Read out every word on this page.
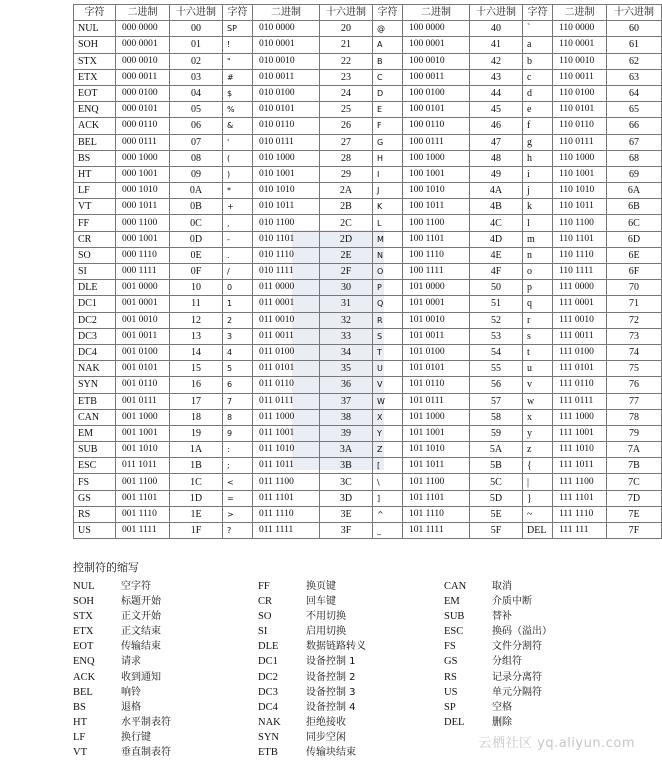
字符	二进制	十六进制	字符	二进制	十六进制	字符	二进制	十六进制	字符	二进制	十六进制
NUL	000 0000	00	SP	010 0000	20	@	100 0000	40	`	110 0000	60
SOH	000 0001	01	!	010 0001	21	A	100 0001	41	a	110 0001	61
STX	000 0010	02	"	010 0010	22	B	100 0010	42	b	110 0010	62
ETX	000 0011	03	#	010 0011	23	C	100 0011	43	c	110 0011	63
EOT	000 0100	04	$	010 0100	24	D	100 0100	44	d	110 0100	64
ENQ	000 0101	05	%	010 0101	25	E	100 0101	45	e	110 0101	65
ACK	000 0110	06	&	010 0110	26	F	100 0110	46	f	110 0110	66
BEL	000 0111	07	'	010 0111	27	G	100 0111	47	g	110 0111	67
BS	000 1000	08	(	010 1000	28	H	100 1000	48	h	110 1000	68
HT	000 1001	09	)	010 1001	29	I	100 1001	49	i	110 1001	69
LF	000 1010	0A	*	010 1010	2A	J	100 1010	4A	j	110 1010	6A
VT	000 1011	0B	+	010 1011	2B	K	100 1011	4B	k	110 1011	6B
FF	000 1100	0C	,	010 1100	2C	L	100 1100	4C	l	110 1100	6C
CR	000 1001	0D	-	010 1101	2D	M	100 1101	4D	m	110 1101	6D
SO	000 1110	0E	.	010 1110	2E	N	100 1110	4E	n	110 1110	6E
SI	000 1111	0F	/	010 1111	2F	O	100 1111	4F	o	110 1111	6F
DLE	001 0000	10	0	011 0000	30	P	101 0000	50	p	111 0000	70
DC1	001 0001	11	1	011 0001	31	Q	101 0001	51	q	111 0001	71
DC2	001 0010	12	2	011 0010	32	R	101 0010	52	r	111 0010	72
DC3	001 0011	13	3	011 0011	33	S	101 0011	53	s	111 0011	73
DC4	001 0100	14	4	011 0100	34	T	101 0100	54	t	111 0100	74
NAK	001 0101	15	5	011 0101	35	U	101 0101	55	u	111 0101	75
SYN	001 0110	16	6	011 0110	36	V	101 0110	56	v	111 0110	76
ETB	001 0111	17	7	011 0111	37	W	101 0111	57	w	111 0111	77
CAN	001 1000	18	8	011 1000	38	X	101 1000	58	x	111 1000	78
EM	001 1001	19	9	011 1001	39	Y	101 1001	59	y	111 1001	79
SUB	001 1010	1A	:	011 1010	3A	Z	101 1010	5A	z	111 1010	7A
ESC	011 1011	1B	;	011 1011	3B	[	101 1011	5B	{	111 1011	7B
FS	001 1100	1C	<	011 1100	3C	\	101 1100	5C	|	111 1100	7C
GS	001 1101	1D	=	011 1101	3D	]	101 1101	5D	}	111 1101	7D
RS	001 1110	1E	>	011 1110	3E	^	101 1110	5E	~	111 1110	7E
US	001 1111	1F	?	011 1111	3F	_	101 1111	5F	DEL	111 111	7F
控制符的缩写
NUL	空字符
SOH	标题开始
STX	正文开始
ETX	正文结束
EOT	传输结束
ENQ	请求
ACK	收到通知
BEL	响铃
BS	退格
HT	水平制表符
LF	换行键
VT	垂直制表符
FF	换页键
CR	回车键
SO	不用切换
SI	启用切换
DLE	数据链路转义
DC1	设备控制 1
DC2	设备控制 2
DC3	设备控制 3
DC4	设备控制 4
NAK	拒绝接收
SYN	同步空闲
ETB	传输块结束
CAN	取消
EM	介质中断
SUB	替补
ESC	换码（溢出）
FS	文件分割符
GS	分组符
RS	记录分离符
US	单元分隔符
SP	空格
DEL	删除
云栖社区 yq.aliyun.com
